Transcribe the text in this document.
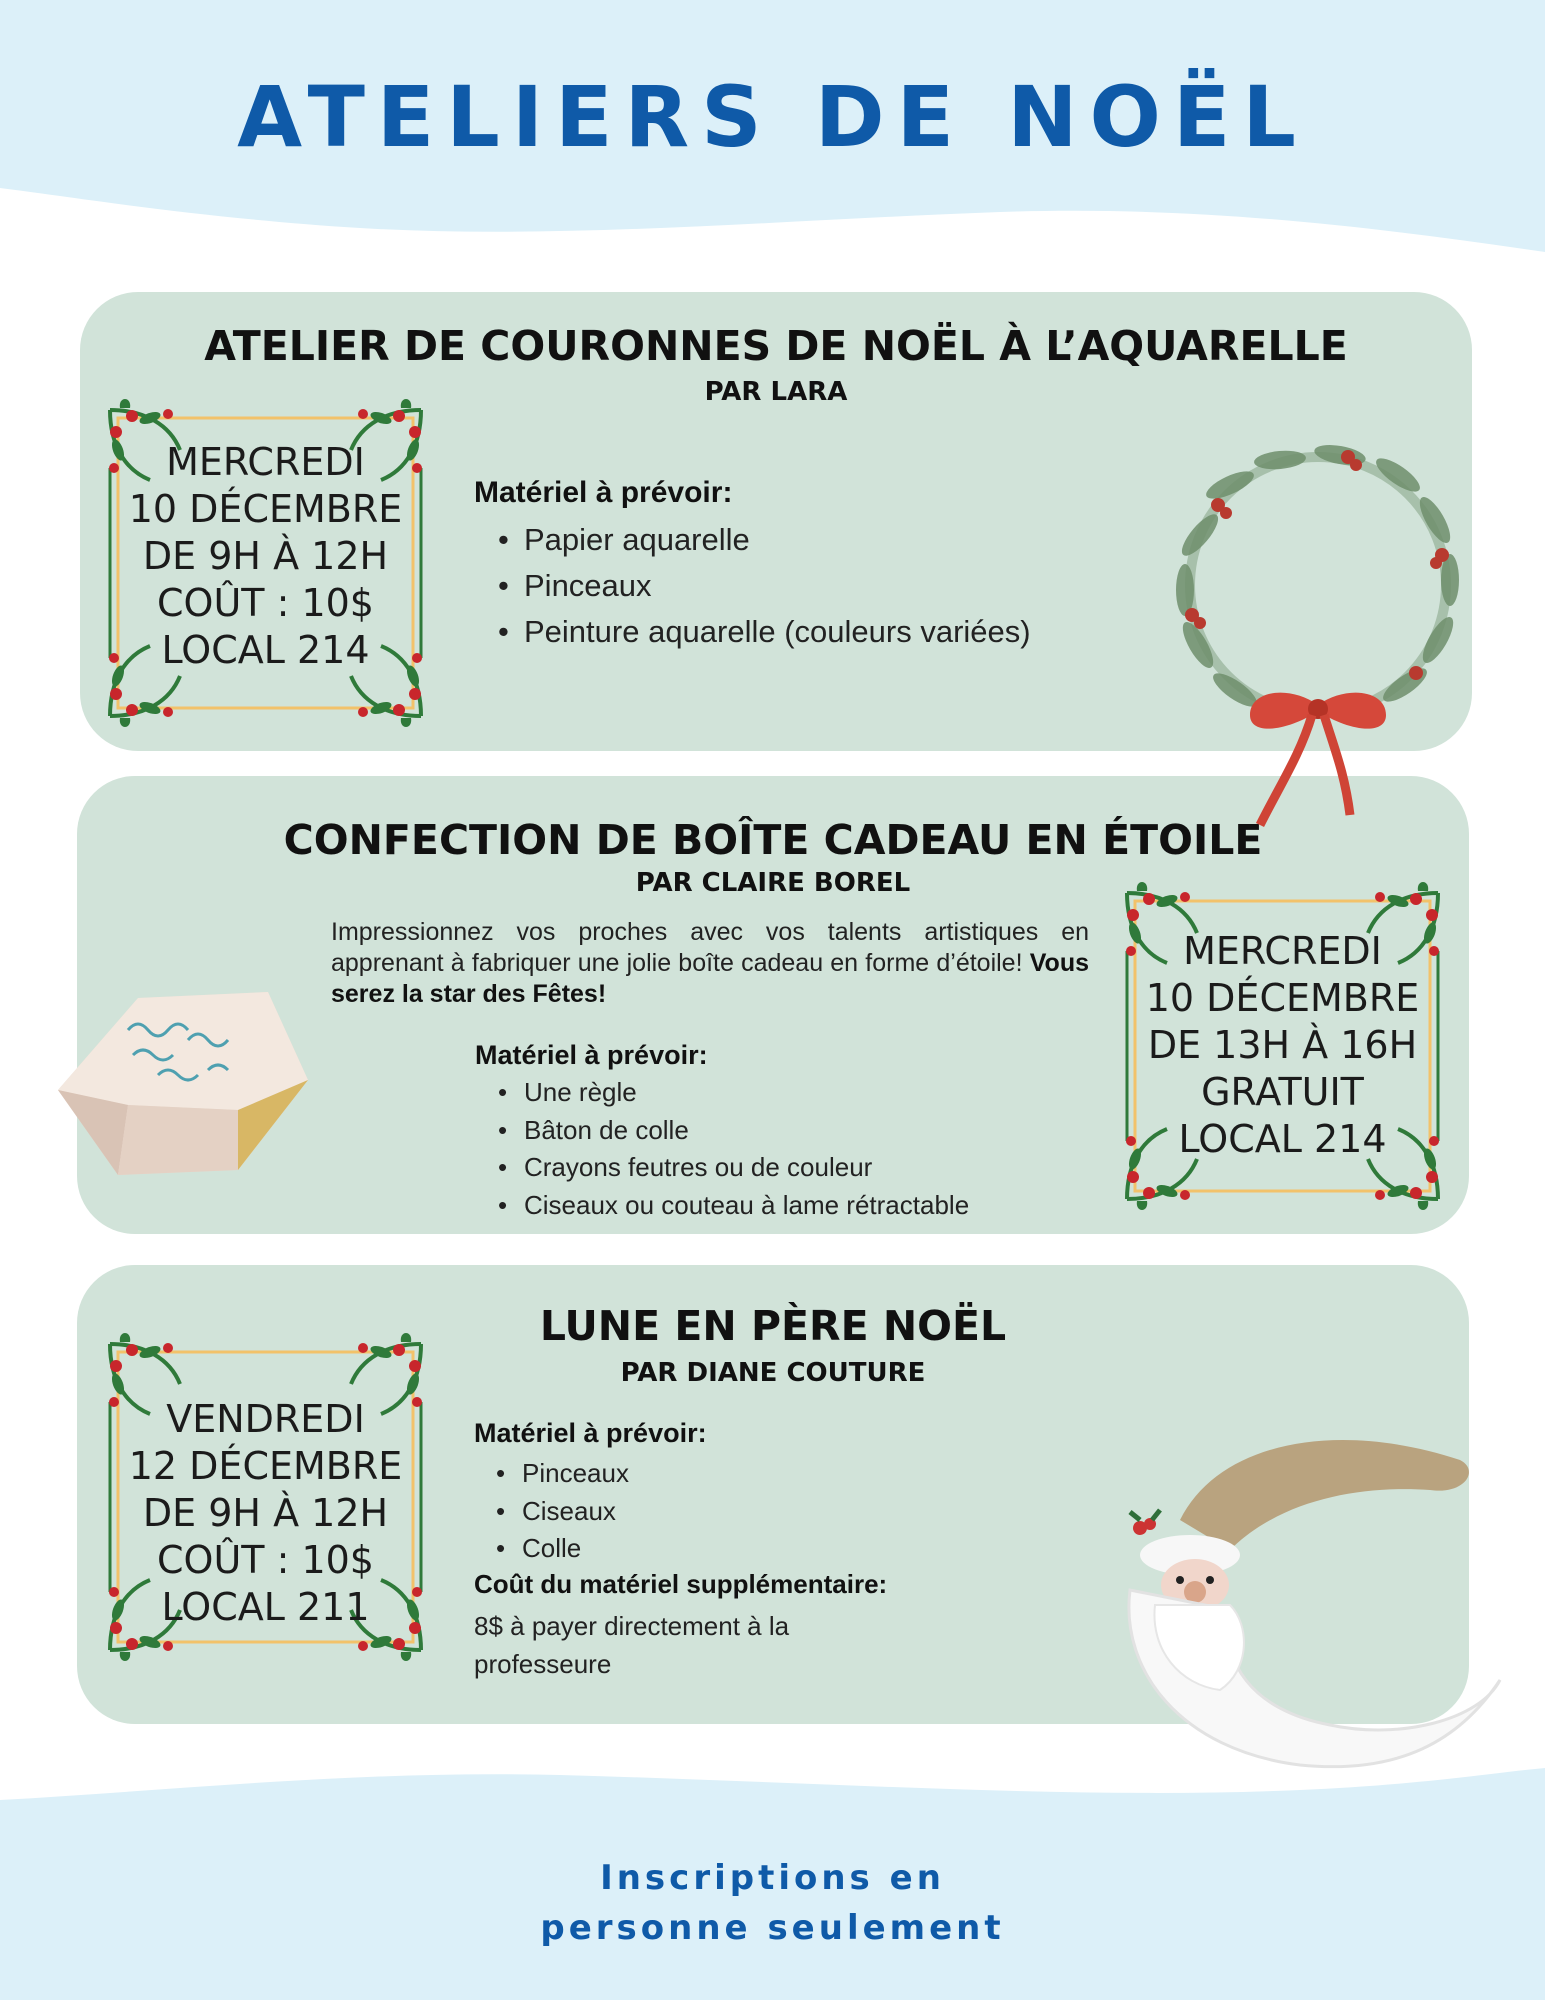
ATELIERS DE NOËL
ATELIER DE COURONNES DE NOËL À L’AQUARELLE
PAR LARA
MERCREDI
10 DÉCEMBRE
DE 9H À 12H
COÛT : 10$
LOCAL 214
Matériel à prévoir:
• Papier aquarelle
• Pinceaux
• Peinture aquarelle (couleurs variées)
CONFECTION DE BOÎTE CADEAU EN ÉTOILE
PAR CLAIRE BOREL

Impressionnez vos proches avec vos talents artistiques en apprenant à fabriquer une jolie boîte cadeau en forme d’étoile! Vous serez la star des Fêtes!

Matériel à prévoir:
• Une règle
• Bâton de colle
• Crayons feutres ou de couleur
• Ciseaux ou couteau à lame rétractable
MERCREDI
10 DÉCEMBRE
DE 13H À 16H
GRATUIT
LOCAL 214
LUNE EN PÈRE NOËL
PAR DIANE COUTURE
VENDREDI
12 DÉCEMBRE
DE 9H À 12H
COÛT : 10$
LOCAL 211
Matériel à prévoir:
• Pinceaux
• Ciseaux
• Colle
Coût du matériel supplémentaire:
8$ à payer directement à la professeure
Inscriptions en
personne seulement
